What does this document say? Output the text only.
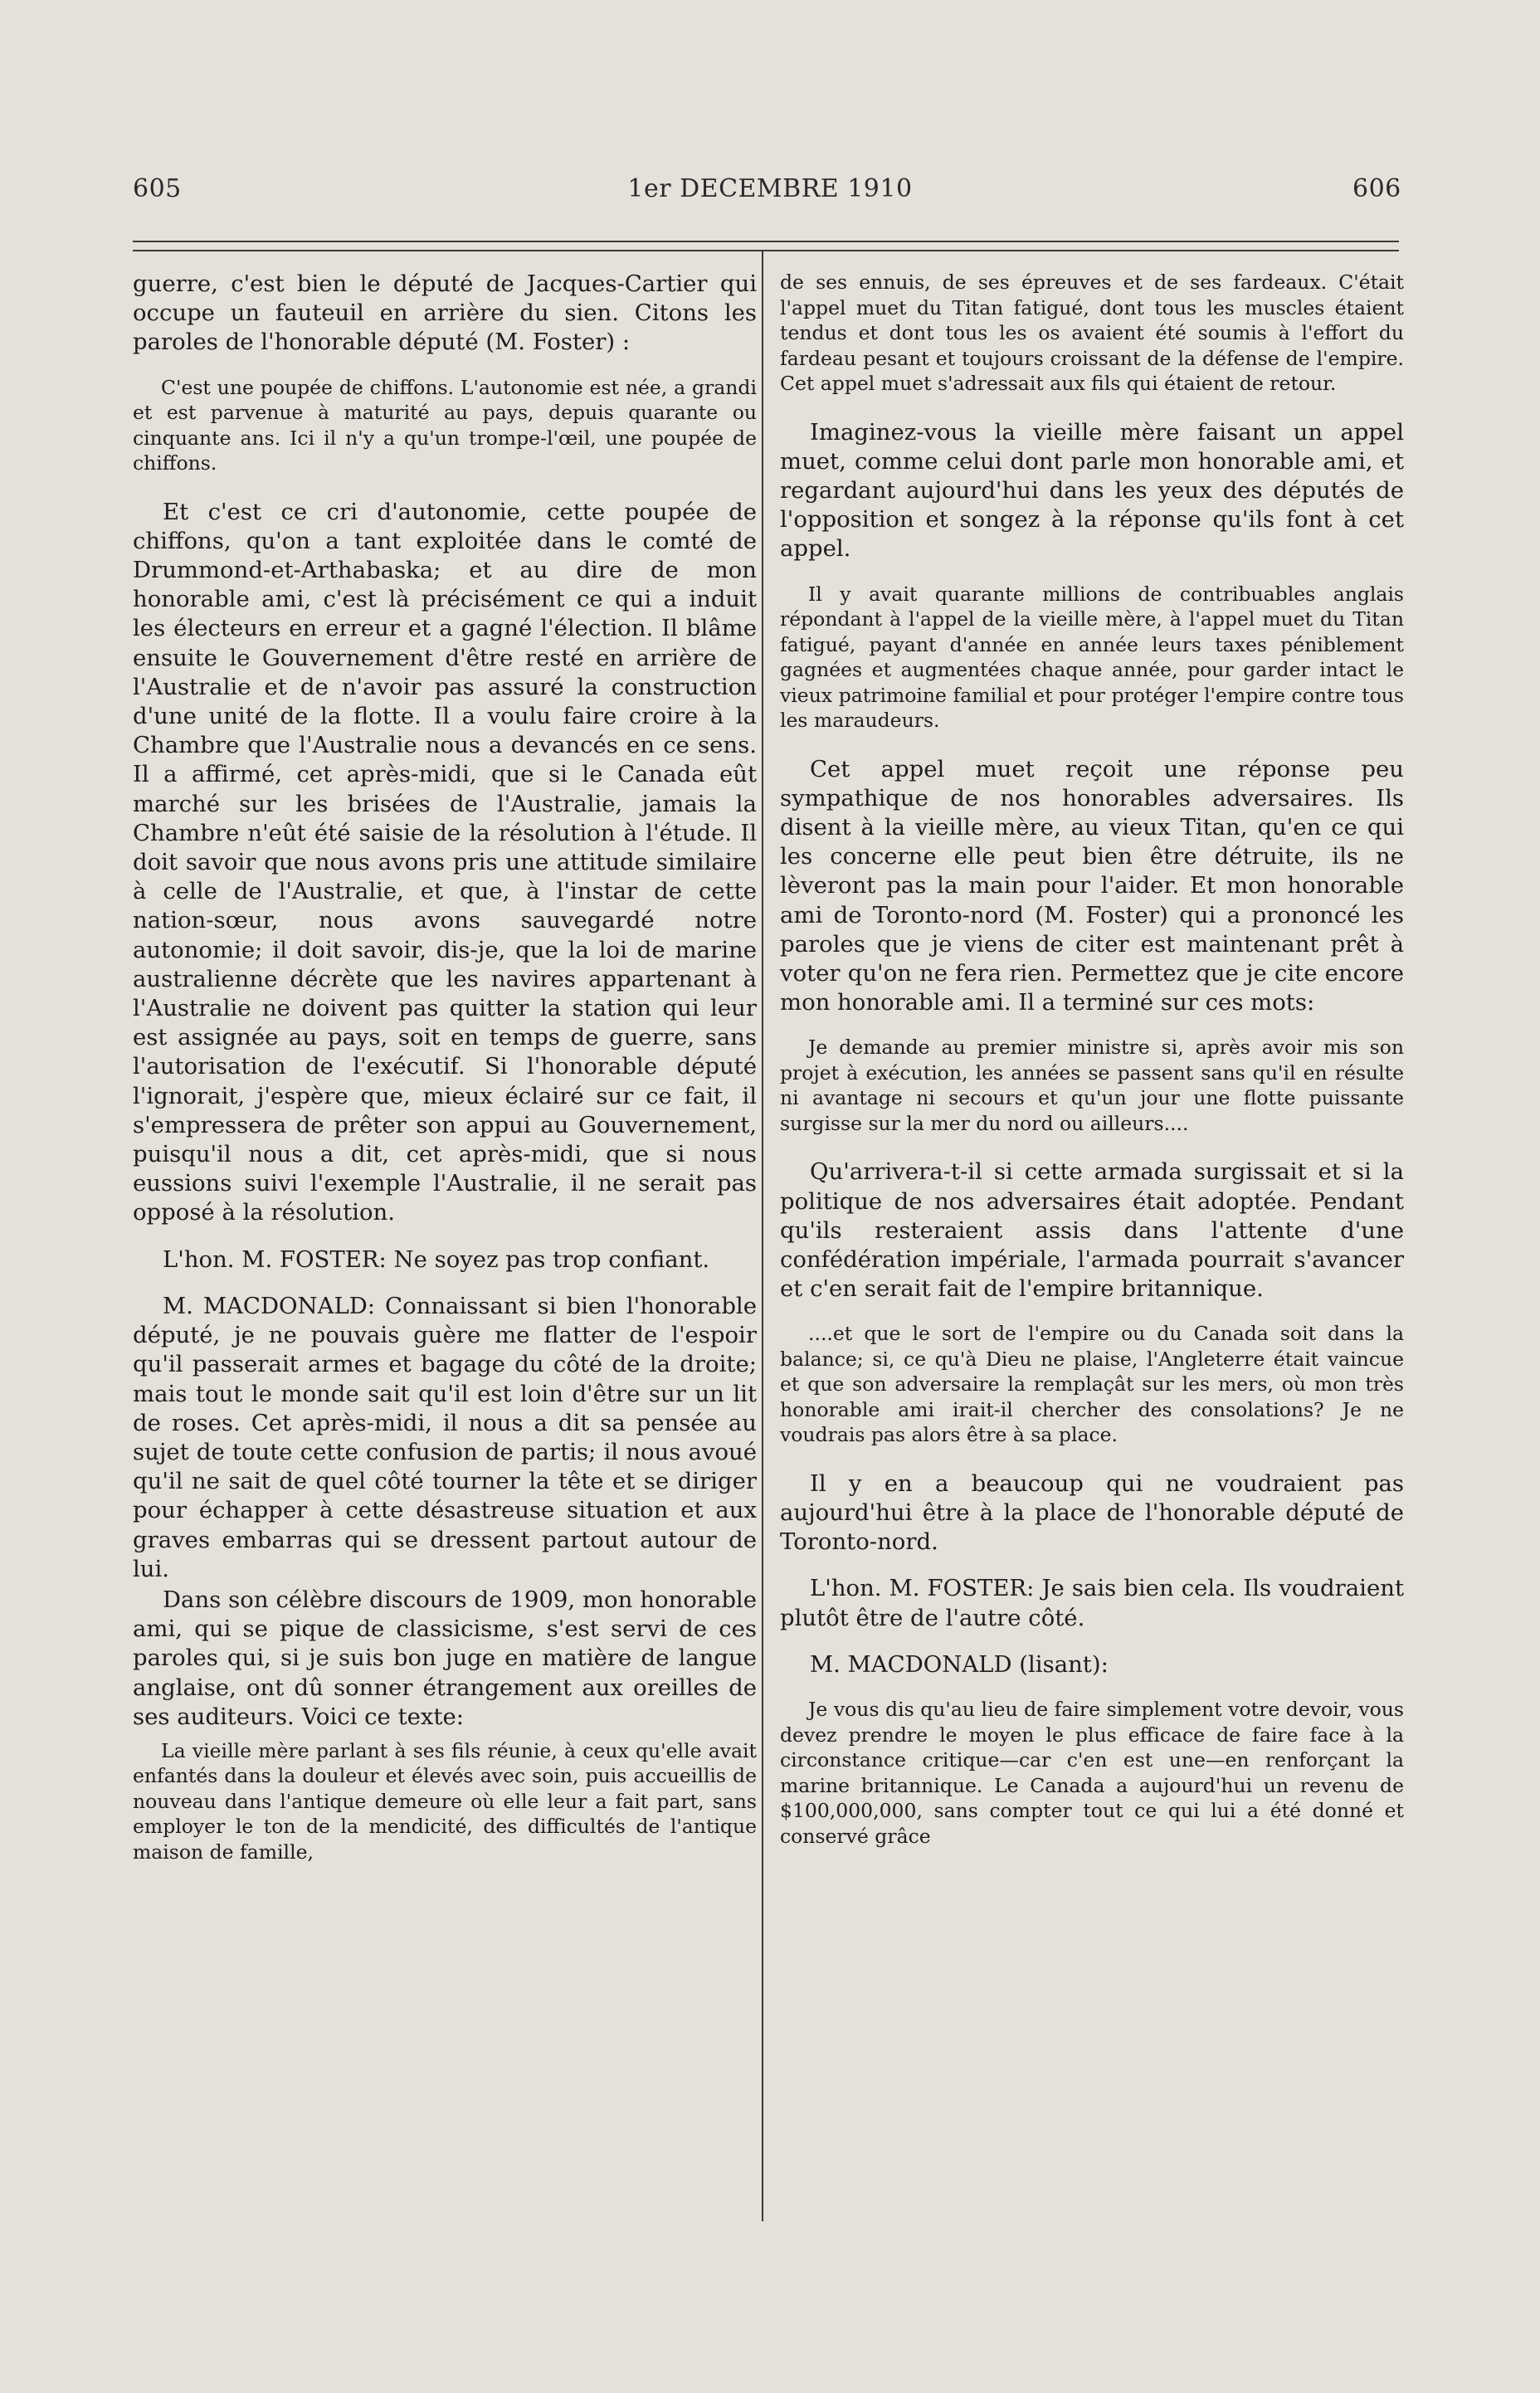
605	1er DECEMBRE 1910	606

guerre, c'est bien le député de Jacques-Cartier qui occupe un fauteuil en arrière du sien. Citons les paroles de l'honorable député (M. Foster) :

C'est une poupée de chiffons. L'autonomie est née, a grandi et est parvenue à maturité au pays, depuis quarante ou cinquante ans. Ici il n'y a qu'un trompe-l'œil, une poupée de chiffons.

Et c'est ce cri d'autonomie, cette poupée de chiffons, qu'on a tant exploitée dans le comté de Drummond-et-Arthabaska; et au dire de mon honorable ami, c'est là précisément ce qui a induit les électeurs en erreur et a gagné l'élection. Il blâme ensuite le Gouvernement d'être resté en arrière de l'Australie et de n'avoir pas assuré la construction d'une unité de la flotte. Il a voulu faire croire à la Chambre que l'Australie nous a devancés en ce sens. Il a affirmé, cet après-midi, que si le Canada eût marché sur les brisées de l'Australie, jamais la Chambre n'eût été saisie de la résolution à l'étude. Il doit savoir que nous avons pris une attitude similaire à celle de l'Australie, et que, à l'instar de cette nation-sœur, nous avons sauvegardé notre autonomie; il doit savoir, dis-je, que la loi de marine australienne décrète que les navires appartenant à l'Australie ne doivent pas quitter la station qui leur est assignée au pays, soit en temps de guerre, sans l'autorisation de l'exécutif. Si l'honorable député l'ignorait, j'espère que, mieux éclairé sur ce fait, il s'empressera de prêter son appui au Gouvernement, puisqu'il nous a dit, cet après-midi, que si nous eussions suivi l'exemple l'Australie, il ne serait pas opposé à la résolution.

L'hon. M. FOSTER: Ne soyez pas trop confiant.

M. MACDONALD: Connaissant si bien l'honorable député, je ne pouvais guère me flatter de l'espoir qu'il passerait armes et bagage du côté de la droite; mais tout le monde sait qu'il est loin d'être sur un lit de roses. Cet après-midi, il nous a dit sa pensée au sujet de toute cette confusion de partis; il nous avoué qu'il ne sait de quel côté tourner la tête et se diriger pour échapper à cette désastreuse situation et aux graves embarras qui se dressent partout autour de lui.

Dans son célèbre discours de 1909, mon honorable ami, qui se pique de classicisme, s'est servi de ces paroles qui, si je suis bon juge en matière de langue anglaise, ont dû sonner étrangement aux oreilles de ses auditeurs. Voici ce texte:

La vieille mère parlant à ses fils réunie, à ceux qu'elle avait enfantés dans la douleur et élevés avec soin, puis accueillis de nouveau dans l'antique demeure où elle leur a fait part, sans employer le ton de la mendicité, des difficultés de l'antique maison de famille,

de ses ennuis, de ses épreuves et de ses fardeaux. C'était l'appel muet du Titan fatigué, dont tous les muscles étaient tendus et dont tous les os avaient été soumis à l'effort du fardeau pesant et toujours croissant de la défense de l'empire. Cet appel muet s'adressait aux fils qui étaient de retour.

Imaginez-vous la vieille mère faisant un appel muet, comme celui dont parle mon honorable ami, et regardant aujourd'hui dans les yeux des députés de l'opposition et songez à la réponse qu'ils font à cet appel.

Il y avait quarante millions de contribuables anglais répondant à l'appel de la vieille mère, à l'appel muet du Titan fatigué, payant d'année en année leurs taxes péniblement gagnées et augmentées chaque année, pour garder intact le vieux patrimoine familial et pour protéger l'empire contre tous les maraudeurs.

Cet appel muet reçoit une réponse peu sympathique de nos honorables adversaires. Ils disent à la vieille mère, au vieux Titan, qu'en ce qui les concerne elle peut bien être détruite, ils ne lèveront pas la main pour l'aider. Et mon honorable ami de Toronto-nord (M. Foster) qui a prononcé les paroles que je viens de citer est maintenant prêt à voter qu'on ne fera rien. Permettez que je cite encore mon honorable ami. Il a terminé sur ces mots:

Je demande au premier ministre si, après avoir mis son projet à exécution, les années se passent sans qu'il en résulte ni avantage ni secours et qu'un jour une flotte puissante surgisse sur la mer du nord ou ailleurs....

Qu'arrivera-t-il si cette armada surgissait et si la politique de nos adversaires était adoptée. Pendant qu'ils resteraient assis dans l'attente d'une confédération impériale, l'armada pourrait s'avancer et c'en serait fait de l'empire britannique.

....et que le sort de l'empire ou du Canada soit dans la balance; si, ce qu'à Dieu ne plaise, l'Angleterre était vaincue et que son adversaire la remplaçât sur les mers, où mon très honorable ami irait-il chercher des consolations? Je ne voudrais pas alors être à sa place.

Il y en a beaucoup qui ne voudraient pas aujourd'hui être à la place de l'honorable député de Toronto-nord.

L'hon. M. FOSTER: Je sais bien cela. Ils voudraient plutôt être de l'autre côté.

M. MACDONALD (lisant):

Je vous dis qu'au lieu de faire simplement votre devoir, vous devez prendre le moyen le plus efficace de faire face à la circonstance critique—car c'en est une—en renforçant la marine britannique. Le Canada a aujourd'hui un revenu de $100,000,000, sans compter tout ce qui lui a été donné et conservé grâce
